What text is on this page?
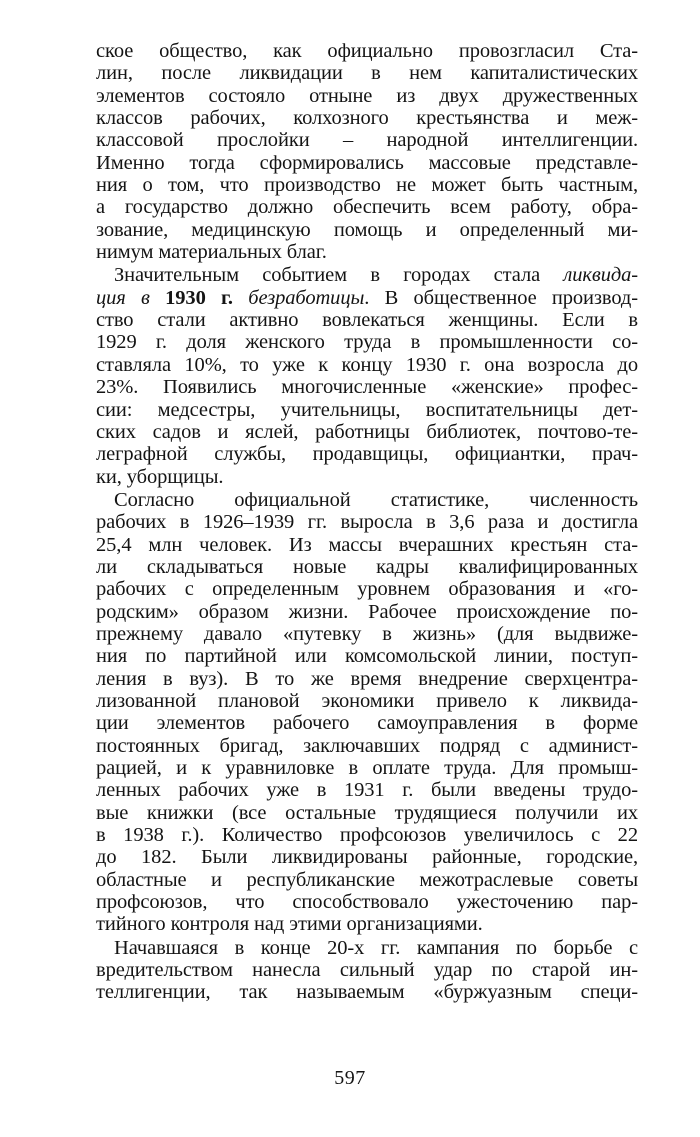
ское общество, как официально провозгласил Ста-
лин, после ликвидации в нем капиталистических
элементов состояло отныне из двух дружественных
классов рабочих, колхозного крестьянства и меж-
классовой прослойки – народной интеллигенции.
Именно тогда сформировались массовые представле-
ния о том, что производство не может быть частным,
а государство должно обеспечить всем работу, обра-
зование, медицинскую помощь и определенный ми-
нимум материальных благ.
Значительным событием в городах стала ликвида-
ция в 1930 г. безработицы. В общественное производ-
ство стали активно вовлекаться женщины. Если в
1929 г. доля женского труда в промышленности со-
ставляла 10%, то уже к концу 1930 г. она возросла до
23%. Появились многочисленные «женские» профес-
сии: медсестры, учительницы, воспитательницы дет-
ских садов и яслей, работницы библиотек, почтово-те-
леграфной службы, продавщицы, официантки, прач-
ки, уборщицы.
Согласно официальной статистике, численность
рабочих в 1926–1939 гг. выросла в 3,6 раза и достигла
25,4 млн человек. Из массы вчерашних крестьян ста-
ли складываться новые кадры квалифицированных
рабочих с определенным уровнем образования и «го-
родским» образом жизни. Рабочее происхождение по-
прежнему давало «путевку в жизнь» (для выдвиже-
ния по партийной или комсомольской линии, поступ-
ления в вуз). В то же время внедрение сверхцентра-
лизованной плановой экономики привело к ликвида-
ции элементов рабочего самоуправления в форме
постоянных бригад, заключавших подряд с админист-
рацией, и к уравниловке в оплате труда. Для промыш-
ленных рабочих уже в 1931 г. были введены трудо-
вые книжки (все остальные трудящиеся получили их
в 1938 г.). Количество профсоюзов увеличилось с 22
до 182. Были ликвидированы районные, городские,
областные и республиканские межотраслевые советы
профсоюзов, что способствовало ужесточению пар-
тийного контроля над этими организациями.
Начавшаяся в конце 20-х гг. кампания по борьбе с
вредительством нанесла сильный удар по старой ин-
теллигенции, так называемым «буржуазным специ-
597
